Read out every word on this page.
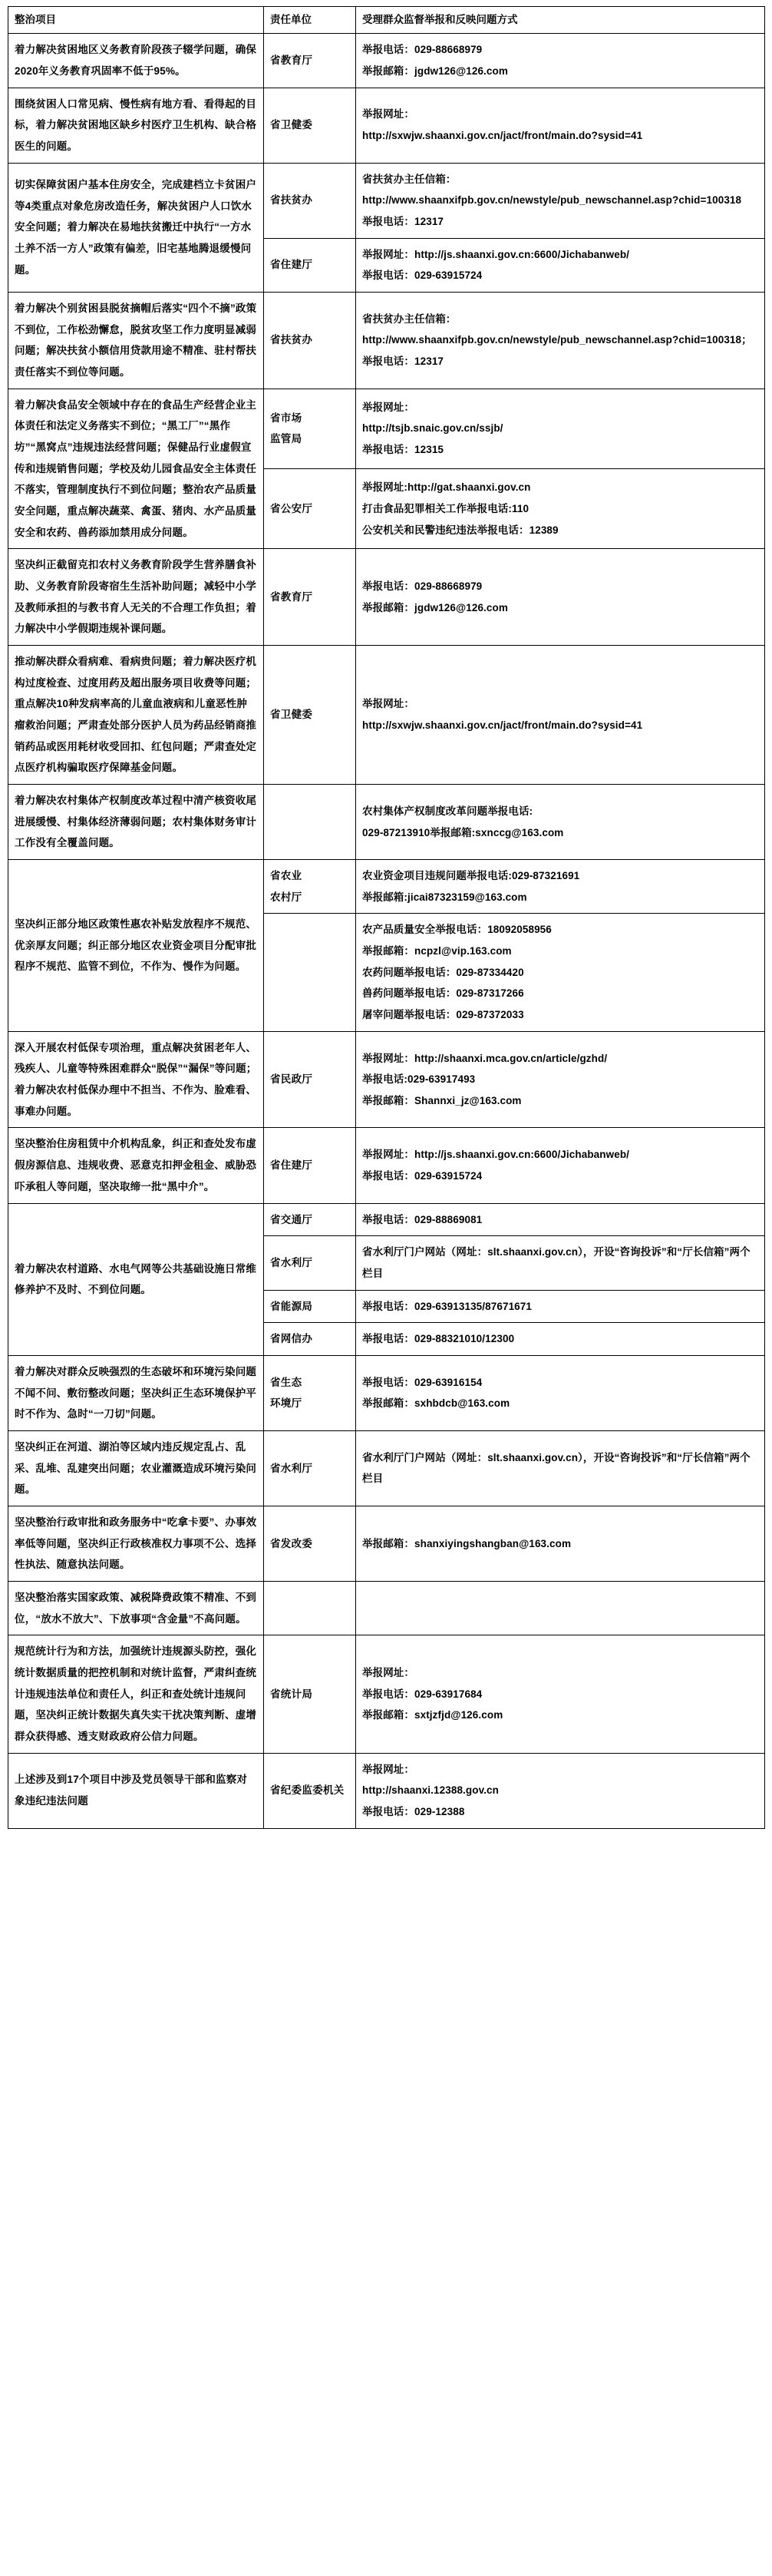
整治项目	责任单位	受理群众监督举报和反映问题方式
着力解决贫困地区义务教育阶段孩子辍学问题，确保2020年义务教育巩固率不低于95%。	省教育厅	举报电话：029-88668979
举报邮箱：jgdw126@126.com

围绕贫困人口常见病、慢性病有地方看、看得起的目标，着力解决贫困地区缺乡村医疗卫生机构、缺合格医生的问题。	省卫健委	举报网址：
http://sxwjw.shaanxi.gov.cn/jact/front/main.do?sysid=41

切实保障贫困户基本住房安全，完成建档立卡贫困户等4类重点对象危房改造任务，解决贫困户人口饮水安全问题；着力解决在易地扶贫搬迁中执行“一方水土养不活一方人”政策有偏差，旧宅基地腾退缓慢问题。	省扶贫办	省扶贫办主任信箱：
http://www.shaanxifpb.gov.cn/newstyle/pub_newschannel.asp?chid=100318
举报电话：12317

	省住建厅	举报网址：http://js.shaanxi.gov.cn:6600/Jichabanweb/
举报电话：029-63915724

着力解决个别贫困县脱贫摘帽后落实“四个不摘”政策不到位，工作松劲懈怠，脱贫攻坚工作力度明显减弱问题；解决扶贫小额信用贷款用途不精准、驻村帮扶责任落实不到位等问题。	省扶贫办	省扶贫办主任信箱：
http://www.shaanxifpb.gov.cn/newstyle/pub_newschannel.asp?chid=100318；
举报电话：12317

着力解决食品安全领域中存在的食品生产经营企业主体责任和法定义务落实不到位；“黑工厂”“黑作坊”“黑窝点”违规违法经营问题；保健品行业虚假宣传和违规销售问题；学校及幼儿园食品安全主体责任不落实，管理制度执行不到位问题；整治农产品质量安全问题，重点解决蔬菜、禽蛋、猪肉、水产品质量安全和农药、兽药添加禁用成分问题。	省市场
监管局	举报网址：
http://tsjb.snaic.gov.cn/ssjb/
举报电话：12315

	省公安厅	举报网址:http://gat.shaanxi.gov.cn
打击食品犯罪相关工作举报电话:110
公安机关和民警违纪违法举报电话：12389

坚决纠正截留克扣农村义务教育阶段学生营养膳食补助、义务教育阶段寄宿生生活补助问题；减轻中小学及教师承担的与教书育人无关的不合理工作负担；着力解决中小学假期违规补课问题。	省教育厅	举报电话：029-88668979
举报邮箱：jgdw126@126.com

推动解决群众看病难、看病贵问题；着力解决医疗机构过度检查、过度用药及超出服务项目收费等问题；重点解决10种发病率高的儿童血液病和儿童恶性肿瘤救治问题；严肃查处部分医护人员为药品经销商推销药品或医用耗材收受回扣、红包问题；严肃查处定点医疗机构骗取医疗保障基金问题。	省卫健委	举报网址：
http://sxwjw.shaanxi.gov.cn/jact/front/main.do?sysid=41

着力解决农村集体产权制度改革过程中清产核资收尾进展缓慢、村集体经济薄弱问题；农村集体财务审计工作没有全覆盖问题。		农村集体产权制度改革问题举报电话:
029-87213910举报邮箱:sxnccg@163.com

坚决纠正部分地区政策性惠农补贴发放程序不规范、优亲厚友问题；纠正部分地区农业资金项目分配审批程序不规范、监管不到位，不作为、慢作为问题。	省农业
农村厅	农业资金项目违规问题举报电话:029-87321691
举报邮箱:jicai87323159@163.com

		农产品质量安全举报电话：18092058956
举报邮箱：ncpzl@vip.163.com
农药问题举报电话：029-87334420
兽药问题举报电话：029-87317266
屠宰问题举报电话：029-87372033

深入开展农村低保专项治理，重点解决贫困老年人、残疾人、儿童等特殊困难群众“脱保”“漏保”等问题；着力解决农村低保办理中不担当、不作为、脸难看、事难办问题。	省民政厅	举报网址：http://shaanxi.mca.gov.cn/article/gzhd/
举报电话:029-63917493
举报邮箱：Shannxi_jz@163.com

坚决整治住房租赁中介机构乱象，纠正和查处发布虚假房源信息、违规收费、恶意克扣押金租金、威胁恐吓承租人等问题，坚决取缔一批“黑中介”。	省住建厅	举报网址：http://js.shaanxi.gov.cn:6600/Jichabanweb/
举报电话：029-63915724

着力解决农村道路、水电气网等公共基础设施日常维修养护不及时、不到位问题。	省交通厅	举报电话：029-88869081

	省水利厅	省水利厅门户网站（网址：slt.shaanxi.gov.cn），开设“咨询投诉”和“厅长信箱”两个栏目

	省能源局	举报电话：029-63913135/87671671

	省网信办	举报电话：029-88321010/12300

着力解决对群众反映强烈的生态破坏和环境污染问题不闻不问、敷衍整改问题；坚决纠正生态环境保护平时不作为、急时“一刀切”问题。	省生态
环境厅	举报电话：029-63916154
举报邮箱：sxhbdcb@163.com

坚决纠正在河道、湖泊等区域内违反规定乱占、乱采、乱堆、乱建突出问题；农业灌溉造成环境污染问题。	省水利厅	省水利厅门户网站（网址：slt.shaanxi.gov.cn），开设“咨询投诉”和“厅长信箱”两个栏目

坚决整治行政审批和政务服务中“吃拿卡要”、办事效率低等问题，坚决纠正行政核准权力事项不公、选择性执法、随意执法问题。	省发改委	举报邮箱：shanxiyingshangban@163.com

坚决整治落实国家政策、减税降费政策不精准、不到位，“放水不放大”、下放事项“含金量”不高问题。	

规范统计行为和方法，加强统计违规源头防控，强化统计数据质量的把控机制和对统计监督，严肃纠查统计违规违法单位和责任人，纠正和查处统计违规问题，坚决纠正统计数据失真失实干扰决策判断、虚增群众获得感、透支财政政府公信力问题。	省统计局	举报网址：
举报电话：029-63917684
举报邮箱：sxtjzfjd@126.com

上述涉及到17个项目中涉及党员领导干部和监察对象违纪违法问题	省纪委监委机关	举报网址：
http://shaanxi.12388.gov.cn
举报电话：029-12388
